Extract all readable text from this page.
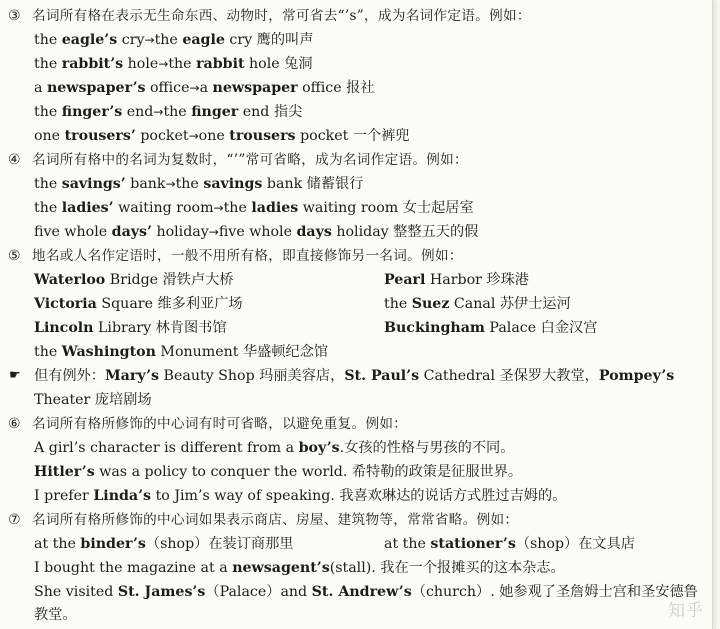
③ 名词所有格在表示无生命东西、动物时，常可省去“’s”，成为名词作定语。例如：
the eagle’s cry→the eagle cry 鹰的叫声
the rabbit’s hole→the rabbit hole 兔洞
a newspaper’s office→a newspaper office 报社
the finger’s end→the finger end 指尖
one trousers’ pocket→one trousers pocket 一个裤兜
④ 名词所有格中的名词为复数时，“’”常可省略，成为名词作定语。例如：
the savings’ bank→the savings bank 储蓄银行
the ladies’ waiting room→the ladies waiting room 女士起居室
five whole days’ holiday→five whole days holiday 整整五天的假
⑤ 地名或人名作定语时，一般不用所有格，即直接修饰另一名词。例如：
Waterloo Bridge 滑铁卢大桥	Pearl Harbor 珍珠港
Victoria Square 维多利亚广场	the Suez Canal 苏伊士运河
Lincoln Library 林肯图书馆	Buckingham Palace 白金汉宫
the Washington Monument 华盛顿纪念馆
☛ 但有例外：Mary’s Beauty Shop 玛丽美容店，St. Paul’s Cathedral 圣保罗大教堂，Pompey’s
Theater 庞培剧场
⑥ 名词所有格所修饰的中心词有时可省略，以避免重复。例如：
A girl’s character is different from a boy’s.女孩的性格与男孩的不同。
Hitler’s was a policy to conquer the world. 希特勒的政策是征服世界。
I prefer Linda’s to Jim’s way of speaking. 我喜欢琳达的说话方式胜过吉姆的。
⑦ 名词所有格所修饰的中心词如果表示商店、房屋、建筑物等，常常省略。例如：
at the binder’s（shop）在装订商那里	at the stationer’s（shop）在文具店
I bought the magazine at a newsagent’s(stall). 我在一个报摊买的这本杂志。
She visited St. James’s（Palace）and St. Andrew’s（church）. 她参观了圣詹姆士宫和圣安德鲁
教堂。	知乎
